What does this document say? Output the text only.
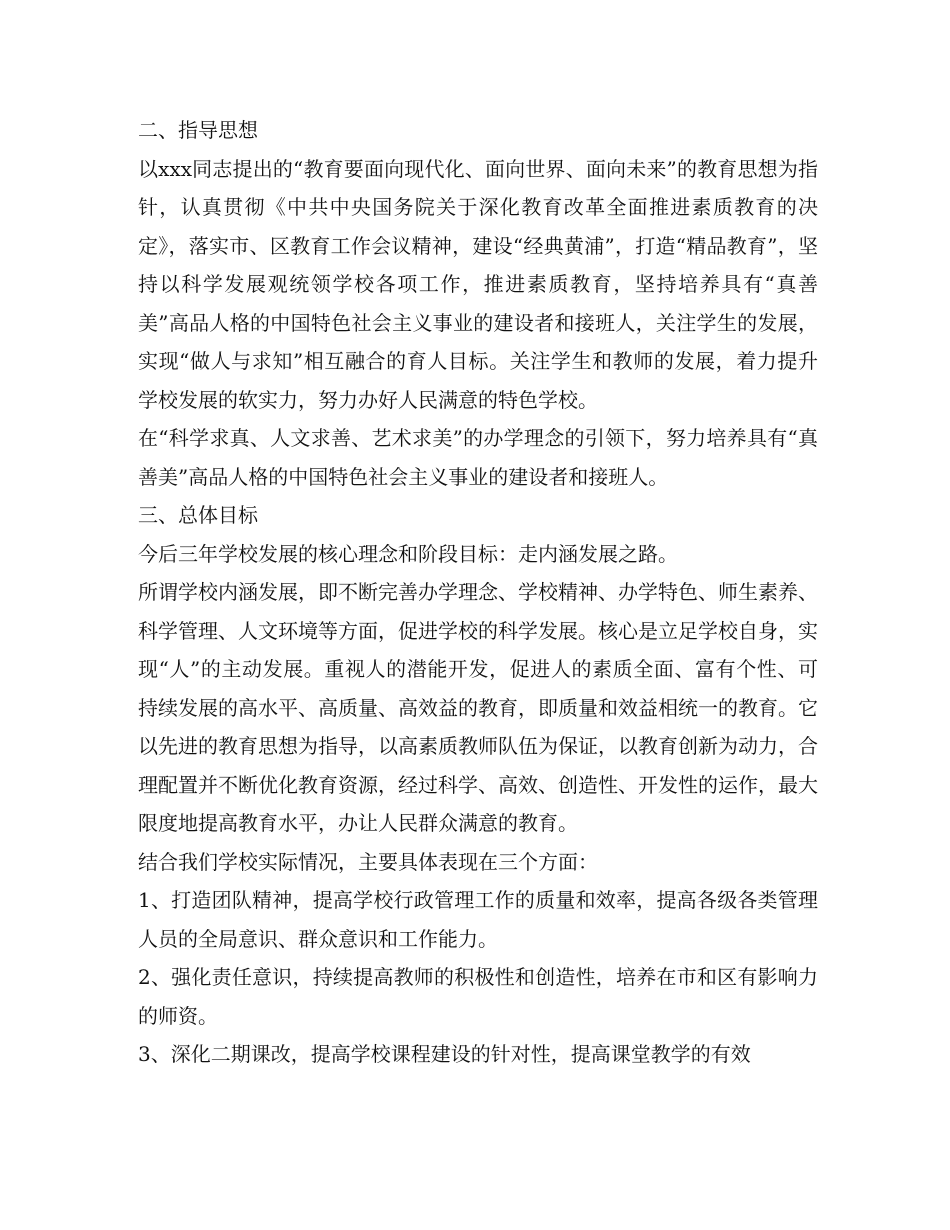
二、指导思想

以xxx同志提出的“教育要面向现代化、面向世界、面向未来”的教育思想为指针，认真贯彻《中共中央国务院关于深化教育改革全面推进素质教育的决定》，落实市、区教育工作会议精神，建设“经典黄浦”，打造“精品教育”，坚持以科学发展观统领学校各项工作，推进素质教育，坚持培养具有“真善美”高品人格的中国特色社会主义事业的建设者和接班人，关注学生的发展，实现“做人与求知”相互融合的育人目标。关注学生和教师的发展，着力提升学校发展的软实力，努力办好人民满意的特色学校。

在“科学求真、人文求善、艺术求美”的办学理念的引领下，努力培养具有“真善美”高品人格的中国特色社会主义事业的建设者和接班人。

三、总体目标

今后三年学校发展的核心理念和阶段目标：走内涵发展之路。

所谓学校内涵发展，即不断完善办学理念、学校精神、办学特色、师生素养、科学管理、人文环境等方面，促进学校的科学发展。核心是立足学校自身，实现“人”的主动发展。重视人的潜能开发，促进人的素质全面、富有个性、可持续发展的高水平、高质量、高效益的教育，即质量和效益相统一的教育。它以先进的教育思想为指导，以高素质教师队伍为保证，以教育创新为动力，合理配置并不断优化教育资源，经过科学、高效、创造性、开发性的运作，最大限度地提高教育水平，办让人民群众满意的教育。

结合我们学校实际情况，主要具体表现在三个方面：

1、打造团队精神，提高学校行政管理工作的质量和效率，提高各级各类管理人员的全局意识、群众意识和工作能力。

2、强化责任意识，持续提高教师的积极性和创造性，培养在市和区有影响力的师资。

3、深化二期课改，提高学校课程建设的针对性，提高课堂教学的有效
